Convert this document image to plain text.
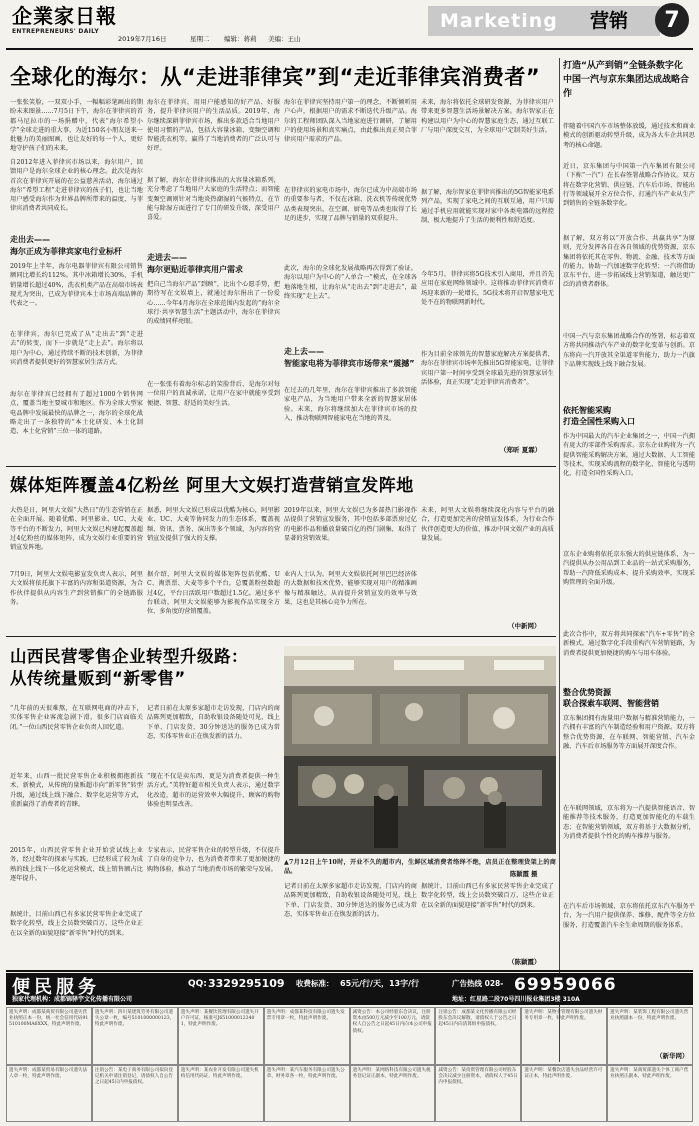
企業家日報
ENTREPRENEURS' DAILY
2019年7月16日	星期二 编辑：蒋莉 美编：王山
Marketing 营销	7
全球化的海尔：从“走进菲律宾”到“走近菲律宾消费者”
一张张笑脸，一双双小手，一幅幅彩笔画出的期盼未来图景……7月5日下午，海尔在菲律宾的首都马尼拉市的一场捐赠中，代表“海尔希望小学”全球走进的重大事，为近150名小朋友送来一批魅力的美丽图画，也让友好的每一个人，更好地守护孩子们的未来。
自2012年进入菲律宾市场以来，海尔用户，回馈用户是海尔全球企业的核心理念。此次是海尔首次在菲律宾开展的在公益慈善活动，海尔通过海尔“希望工程”走进菲律宾的孩子们，也让当地用户感受海尔作为世界品牌所带来的温度，与菲律宾消费者共同成长。
走出去——
海尔正成为菲律宾家电行业标杆
2019年上半年，海尔电器菲律宾有限公司销售额同比增长约112%。其中冰箱增长30%，手机销量增长超过40%，洗衣机类产品在高端市场表现尤为突出，已成为菲律宾本土市场高端品牌的代表之一。
在菲律宾，海尔已完成了从“走出去”到“走进去”的转变，而下一步就是“走上去”。海尔将以用户为中心，通过持续不断的技术创新，为菲律宾消费者提供更好的智慧家居生活方式。
海尔在菲律宾已经拥有了超过1000个销售网点，覆盖当地主要城市和地区。作为全球大型家电品牌中发展最快的品牌之一，海尔的全球化战略走出了一条独特的“本土化研发、本土化制造、本土化营销”三位一体的道路。
海尔在菲律宾，用用户能感知的好产品、好服务，提升菲律宾用户的生活品质。2019年，海尔继续深耕菲律宾市场，推出多款适合当地用户使用习惯的产品，包括大容量冰箱、变频空调和智能洗衣机等，赢得了当地消费者的广泛认可与好评。
据了解，海尔在菲律宾推出的大容量冰箱系列，充分考虑了当地用户大家庭的生活特点；而智能变频空调则针对当地炎热潮湿的气候特点，在节能与除湿方面进行了专门的研发升级，深受用户喜爱。
走进去——
海尔更贴近菲律宾用户需求
把自己当海尔产品“到顾”，比出个心愿手势，把期待写在文娱墙上，就通过海尔捐出了一份爱心……今年4月海尔在全球范围内发起的“海尔全球行·共享智慧生活”主题活动中，海尔在菲律宾的成绩同样亮眼。
在一张张有着海尔标志的笑脸背后，是海尔对每一位用户的真诚承诺，让用户在家中就能享受到便捷、智慧、舒适的美好生活。
海尔在菲律宾坚持用户第一的理念，不断倾听用户心声，根据用户的需求不断迭代升级产品。海尔的工程师团队深入当地家庭进行调研，了解用户的使用场景和真实痛点，由此推出真正契合菲律宾用户需求的产品。
在菲律宾的家电市场中，海尔已成为中高端市场的重要参与者，不仅在冰箱、洗衣机等传统优势品类表现突出，在空调、厨电等品类也取得了长足的进步，实现了品牌与销量的双重提升。
此次，海尔的全球化发展战略再次得到了验证。海尔以用户为中心的“人单合一”模式，在全球各地落地生根，让海尔从“走出去”到“走进去”，最终实现“走上去”。
走上去——
智能家电将为菲律宾市场带来“震撼”
在过去的几年里，海尔在菲律宾推出了多款智能家电产品，为当地用户带来全新的智慧家居体验。未来，海尔将继续加大在菲律宾市场的投入，推动物联网智能家电在当地的普及。
未来，海尔将依托全球研发资源，为菲律宾用户带来更多智慧生活场景解决方案。海尔智家正在构建以用户为中心的智慧家庭生态，通过互联工厂与用户深度交互，为全球用户定制美好生活。
据了解，海尔智家在菲律宾推出的5G智能家电系列产品，实现了家电之间的互联互通，用户只需通过手机应用就能实现对家中各类电器的远程控制，极大地提升了生活的便利性和舒适度。
今年5月，菲律宾将5G技术引入商用，并且首先应用在家庭网络领域中。这将推动菲律宾消费市场迎来新的一轮增长，5G技术将开启智慧家电无处不在的物联网新时代。
作为目前全球领先的智慧家庭解决方案提供者，海尔在菲律宾市场率先推出5G智能家电，让菲律宾用户第一时间享受到全球最先进的智慧家居生活体验，真正实现“走近菲律宾消费者”。
（郑昕 夏霖）
打造“从产到销”全链条数字化
中国一汽与京东集团达成战略合作
伴随着中国汽车市场整体放缓，通过技术和商业模式的创新驱动转型升级，成为各大车企共同思考的核心命题。
近日，京东集团与中国第一汽车集团有限公司（下称“一汽”）在长春签署战略合作协议。双方将在数字化营销、供应链、汽车后市场、智能出行等领域展开全方位合作，打通汽车产业从生产到销售的全链条数字化。
据了解，双方将以“开放合作、共赢共享”为原则，充分发挥各自在各自领域的优势资源，京东集团将依托其在零售、物流、金融、技术等方面的能力，协助一汽加速数字化转型；一汽将借助京东平台，进一步拓展线上营销渠道，触达更广泛的消费者群体。
中国一汽与京东集团战略合作的签署，标志着双方将共同推动汽车产业的数字化变革与创新。京东将向一汽开放其全渠道零售能力，助力一汽旗下品牌实现线上线下融合发展。
依托智能采购
打造全国性采购入口
作为中国最大的汽车企业集团之一，中国一汽拥有庞大的零部件采购需求。京东企业购将为一汽提供智能采购解决方案，通过大数据、人工智能等技术，实现采购流程的数字化、智能化与透明化，打造全国性采购入口。
京东企业购将依托京东强大的供应链体系，为一汽提供从办公用品到工业品的一站式采购服务，帮助一汽降低采购成本、提升采购效率，实现采购管理的全面升级。
此次合作中，双方将共同探索“汽车+零售”的全新模式，通过数字化手段重构汽车营销链路，为消费者提供更加便捷的购车与用车体验。
整合优势资源
联合探索车联网、智能营销
京东集团拥有海量用户数据与精准营销能力，一汽拥有丰富的汽车制造经验和用户资源。双方将整合优势资源，在车联网、智能营销、汽车金融、汽车后市场服务等方面展开深度合作。
在车联网领域，京东将为一汽提供智能语音、智能推荐等技术服务，打造更加智能化的车载生态；在智能营销领域，双方将基于大数据分析，为消费者提供个性化的购车推荐与服务。
在汽车后市场领域，京东将依托京东汽车服务平台，为一汽用户提供保养、维修、配件等全方位服务，打造覆盖汽车全生命周期的服务体系。
（新华网）
媒体矩阵覆盖4亿粉丝 阿里大文娱打造营销宣发阵地
大热是日，阿里大文娱“大热日”的生态营销在正在全面开展。随着优酷、阿里影业、UC、大麦等平台的不断发力，阿里大文娱已构建起覆盖超过4亿粉丝的媒体矩阵，成为文娱行业重要的营销宣发阵地。
7月9日，阿里大文娱电影宣发负责人表示，阿里大文娱将依托旗下丰富的内容和渠道资源，为合作伙伴提供从内容生产到营销推广的全链路服务。
据悉，阿里大文娱已形成以优酷为核心，阿里影业、UC、大麦等协同发力的生态体系，覆盖视频、资讯、票务、演出等多个领域，为内容的营销宣发提供了强大的支撑。
据介绍，阿里大文娱的媒体矩阵包括优酷、UC、淘票票、大麦等多个平台，总覆盖粉丝数超过4亿，平台日活跃用户数超过1.5亿。通过多平台联动，阿里大文娱能够为影视作品实现全方位、多角度的营销覆盖。
2019年以来，阿里大文娱已为多部热门影视作品提供了营销宣发服务，其中包括多部票房过亿的电影作品和播放量破百亿的热门剧集，取得了显著的营销效果。
业内人士认为，阿里大文娱依托阿里巴巴经济体的大数据和技术优势，能够实现对用户的精准画像与精准触达，从而提升营销宣发的效率与效果，这也是其核心竞争力所在。
未来，阿里大文娱将继续深化内容与平台的融合，打造更加完善的营销宣发体系，为行业合作伙伴创造更大的价值，推动中国文娱产业的高质量发展。
（中新网）
山西民营零售企业转型升级路：
从传统量贩到“新零售”
“几年前的天很难熬，在互联网电商的冲击下，实体零售企业客流急剧下滑，很多门店面临关闭。”一位山西民营零售企业负责人回忆道。
近年来，山西一批民营零售企业积极拥抱新技术、新模式，从传统的量贩超市向“新零售”转型升级，通过线上线下融合、数字化运营等方式，重新赢得了消费者的青睐。
记者日前在太原多家超市走访发现，门店内的商品陈列更加精致，自助收银设备随处可见，线上下单、门店发货、30分钟送达的服务已成为常态，实体零售业正在焕发新的活力。
“现在不仅是卖东西，更是为消费者提供一种生活方式。”美特好超市相关负责人表示，通过数字化改造，超市的运营效率大幅提升，顾客的购物体验也明显改善。
▲7月12日上午10时，开业不久的超市内，生鲜区域消费者络绎不绝，店员正在整理货架上的商品。	陈颖霞 摄
2015年，山西民营零售企业开始尝试线上业务，经过数年的探索与实践，已经形成了较为成熟的线上线下一体化运营模式，线上销售额占比逐年提升。
据统计，目前山西已有多家民营零售企业完成了数字化转型，线上会员数突破百万，这些企业正在以全新的面貌迎接“新零售”时代的到来。
专家表示，民营零售企业的转型升级，不仅提升了自身的竞争力，也为消费者带来了更加便捷的购物体验，推动了当地消费市场的繁荣与发展。
记者日前在太原多家超市走访发现，门店内的商品陈列更加精致，自助收银设备随处可见，线上下单、门店发货、30分钟送达的服务已成为常态，实体零售业正在焕发新的活力。
据统计，目前山西已有多家民营零售企业完成了数字化转型，线上会员数突破百万，这些企业正在以全新的面貌迎接“新零售”时代的到来。
（陈颖霞）
便民服务	QQ: 3329295109 收费标准： 65元/行/天，13字/行	广告热线 028- 69959066
独家代理机构：成都锦驿宇文化传播有限公司	地址：红星路二段70号四川报业集团3楼 310A
遗失声明：成都某商贸有限公司遗失营业执照正本一份，统一社会信用代码91510100MA6XXX，特此声明作废。
遗失声明：四川某建筑劳务有限公司遗失公章一枚，编号5101000000123，特此声明作废。
遗失声明：某餐饮管理有限公司遗失开户许可证，核准号J6510000123401，特此声明作废。
遗失声明：成都某科技有限公司遗失发票专用章一枚，特此声明作废。
减资公告：本公司经股东会决议，注册资本由500万元减少至100万元，请债权人自公告之日起45日内向本公司申报债权。
注销公告：成都某文化传播有限公司经股东会决议解散，请债权人于公告之日起45日内向清算组申报债权。
遗失声明：某物业管理有限公司遗失财务专用章一枚，特此声明作废。
遗失声明：某装饰工程有限公司遗失营业执照副本一份，特此声明作废。
遗失声明：成都某贸易有限公司遗失法人章一枚，特此声明作废。
注销公告：某电子商务有限公司拟向登记机关申请注销登记，请债权人自公告之日起45日内申报债权。
遗失声明：某农业开发有限公司遗失机构信用代码证，特此声明作废。
遗失声明：某汽车服务有限公司遗失公章、财务章各一枚，特此声明作废。
遗失声明：某网络科技有限公司遗失税务登记证正副本，特此声明作废。
减资公告：某投资管理有限公司经股东会决议减少注册资本，请债权人于45日内申报债权。
遗失声明：某餐饮店遗失食品经营许可证正本，特此声明作废。
遗失声明：某商贸部遗失个体工商户营业执照正副本，特此声明作废。
